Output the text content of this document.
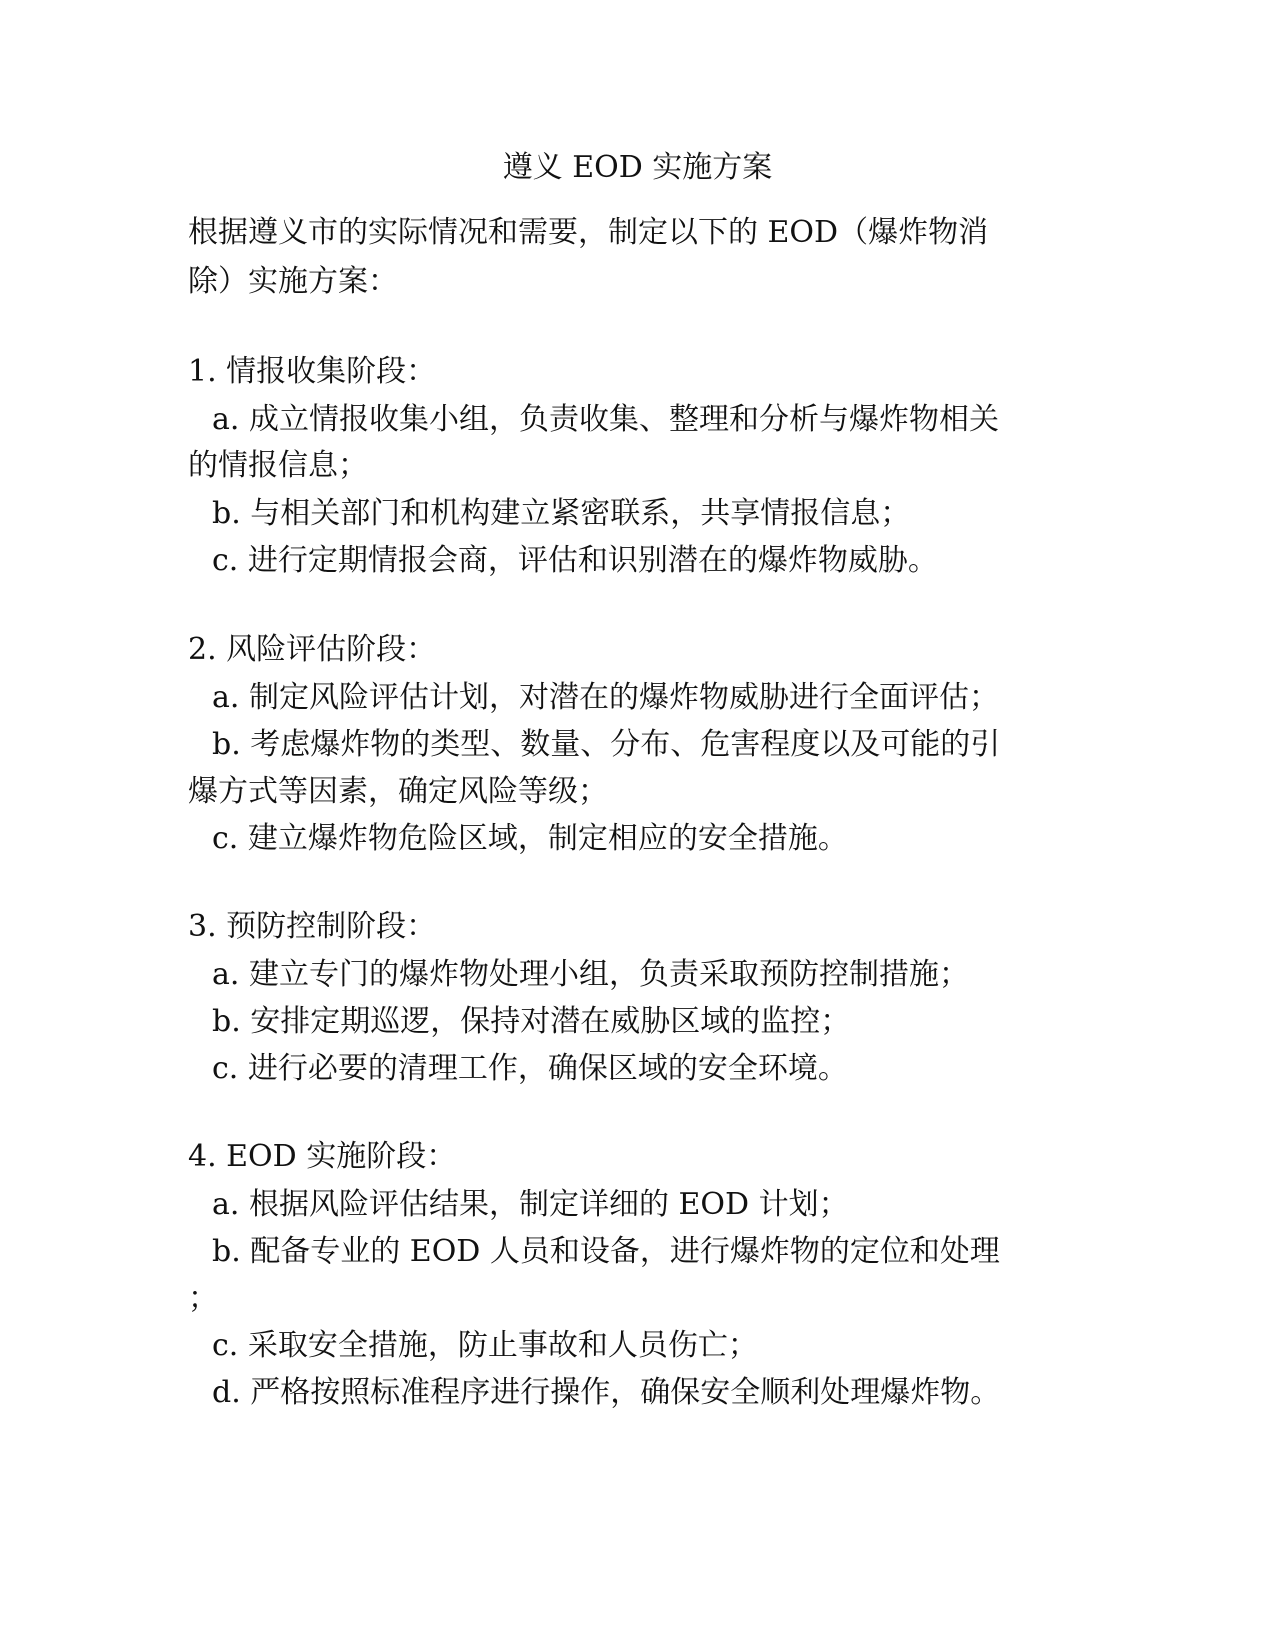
遵义 EOD 实施方案
根据遵义市的实际情况和需要，制定以下的 EOD（爆炸物消
除）实施方案：
1. 情报收集阶段：
a. 成立情报收集小组，负责收集、整理和分析与爆炸物相关
的情报信息；
b. 与相关部门和机构建立紧密联系，共享情报信息；
c. 进行定期情报会商，评估和识别潜在的爆炸物威胁。
2. 风险评估阶段：
a. 制定风险评估计划，对潜在的爆炸物威胁进行全面评估；
b. 考虑爆炸物的类型、数量、分布、危害程度以及可能的引
爆方式等因素，确定风险等级；
c. 建立爆炸物危险区域，制定相应的安全措施。
3. 预防控制阶段：
a. 建立专门的爆炸物处理小组，负责采取预防控制措施；
b. 安排定期巡逻，保持对潜在威胁区域的监控；
c. 进行必要的清理工作，确保区域的安全环境。
4. EOD 实施阶段：
a. 根据风险评估结果，制定详细的 EOD 计划；
b. 配备专业的 EOD 人员和设备，进行爆炸物的定位和处理
；
c. 采取安全措施，防止事故和人员伤亡；
d. 严格按照标准程序进行操作，确保安全顺利处理爆炸物。
